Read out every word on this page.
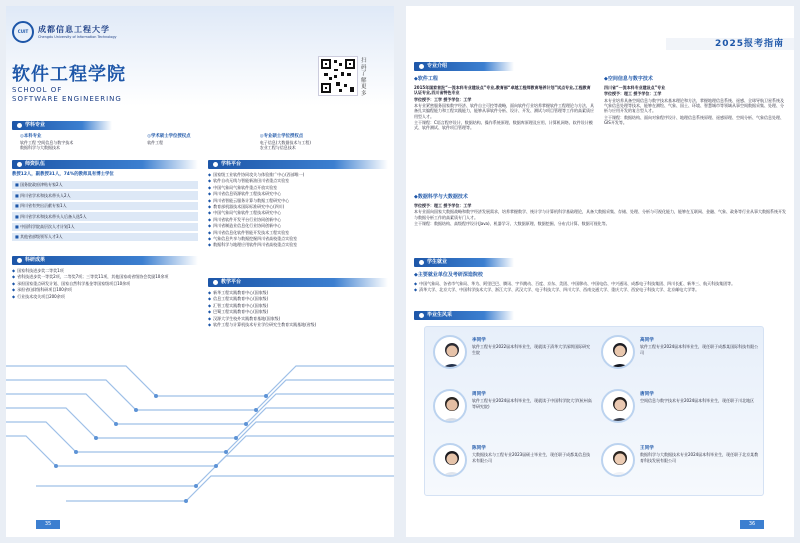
CUIT	成都信息工程大学
Chengdu University of Information Technology
软件工程学院
SCHOOL OF
SOFTWARE ENGINEERING
扫码了解更多
学科专业
◎本科专业
软件工程 空间信息与数字技术
数据科学与大数据技术
◎学术硕士学位授权点
软件工程
◎专业硕士学位授权点
电子信息(大数据技术与工程)
农业工程与信息技术
师资队伍
教授12人，副教授31人，74%的教师具有博士学位
■ 国务院政府津贴专家2人
■ 四川省学术和技术带头人2人
■ 四川省有突出贡献专家1人
■ 四川省学术和技术带头人后备人选5人
■ 中国科学院高层次人才计划1人
■ 其他省部级领军人才3人
科研成果
◆ 国家科技进步奖二等奖1项
◆ 省科技进步奖一等奖2项，二等奖7项；三等奖11项，其他国家或省级协会奖励10余项
◆ 承担国家重点研发计划、国家自然科学基金等国家级项目10余项
◆ 承担省(部)级科研项目100余项
◆ 行业技术攻关项目200余项
学科平台
◆ 国家级工业软件协同攻关与体验推广中心(西部唯一)
◆ 软件自动无线与智能新油田川省重点实验室
◆ 中国气象局气象软件重点开放实验室
◆ 四川省信息资源软件工程技术研究中心
◆ 四川省智能云服务计算与数据工程研究中心
◆ 教育部机器技术国际标准研究中心(四川)
◆ 中国气象局气象软件工程技术研究中心
◆ 四川省软件开发平台行业协同创新中心
◆ 四川省制造业信息化行业协同创新中心
◆ 四川省信息化软件智能开发技术工程实验室
◆ 气象信息共享与数据挖掘四川省高校重点实验室
◆ 数据科学与地理应用软件四川省高校重点实验室
教学平台
◆ 新华工程实践教育中心(国家级)
◆ 信息工程实践教育中心(国家级)
◆ 汇智工程实践教育中心(国家级)
◆ 巴蜀工程实践教育中心(国家级)
◆ 汉源大学生校外实践教育基地(国家级)
◆ 软件工程与计算机技术专业学位研究生教育实践基地(省级)
35
2025报考指南
专业介绍
◆软件工程
2015年国家首批“一流本科专业建设点”专业,教育部“卓越工程师教育培养计划”试点专业,工程教育认证专业,四川省特色专业
学位授予：工学 授予学位：工学
本专业紧密服务国家数字经济、软件自主可控等战略，面向软件行业培养掌握软件工程理论与方法，具备扎实编程能力和工程实践能力，能够从事软件分析、设计、开发、测试与项目管理等工作的高素质应用型人才。
主干课程：C语言程序设计、数据结构、操作系统原理、数据库原理及应用、计算机网络、软件设计模式、软件测试、软件项目管理等。
◆空间信息与数字技术
四川省“一流本科专业建设点”专业
学位授予：理工 授予学位：工学
本专业培养具备空间信息与数字技术基本理论和方法，掌握地理信息系统、遥感、全球导航卫星系统及气象信息处理等技术，能够在测绘、气象、国土、环境、智慧城市等领域从事空间数据采集、处理、分析与应用开发的复合型人才。
主干课程：数据结构、面向对象程序设计、地理信息系统原理、遥感原理、空间分析、气象信息处理、GIS开发等。
◆数据科学与大数据技术
学位授予：理工 授予学位：工学
本专业面向国家大数据战略和数字经济发展需求，培养掌握数学、统计学与计算机科学基础理论，具备大数据采集、存储、处理、分析与可视化能力，能够在互联网、金融、气象、政务等行业从事大数据系统开发与数据分析工作的高素质专门人才。
主干课程：数据结构、高级程序设计(Java)、机器学习、大数据原理、数据挖掘、分布式计算、数据可视化等。
学生就业
◆主要就业单位及考研深造院校
◆ 中国气象局、各省市气象局、华为、阿里巴巴、腾讯、字节跳动、百度、京东、美团、中国移动、中国电信、中兴通讯、成都电子科技集团、四川长虹、新华三、航天科技集团等。
◆ 清华大学、北京大学、中国科学技术大学、浙江大学、武汉大学、电子科技大学、四川大学、西南交通大学、重庆大学、西安电子科技大学、北京邮电大学等。
毕业生风采
李同学
软件工程专业2022届本科毕业生，现就读于清华大学深圳国际研究生院
高同学
软件工程专业2024届本科毕业生，现任职于成都某国际科技有限公司
周同学
软件工程专业2024届本科毕业生，现就读于中国科学院大学(杭州高等研究院)
唐同学
空间信息与数字技术专业2024届本科毕业生，现任职于川北地区
陈同学
大数据技术与工程专业2023届硕士毕业生，现任职于成都某信息技术有限公司
王同学
数据科学与大数据技术专业2024届本科毕业生，现任职于北京某教育科技发展有限公司
36
